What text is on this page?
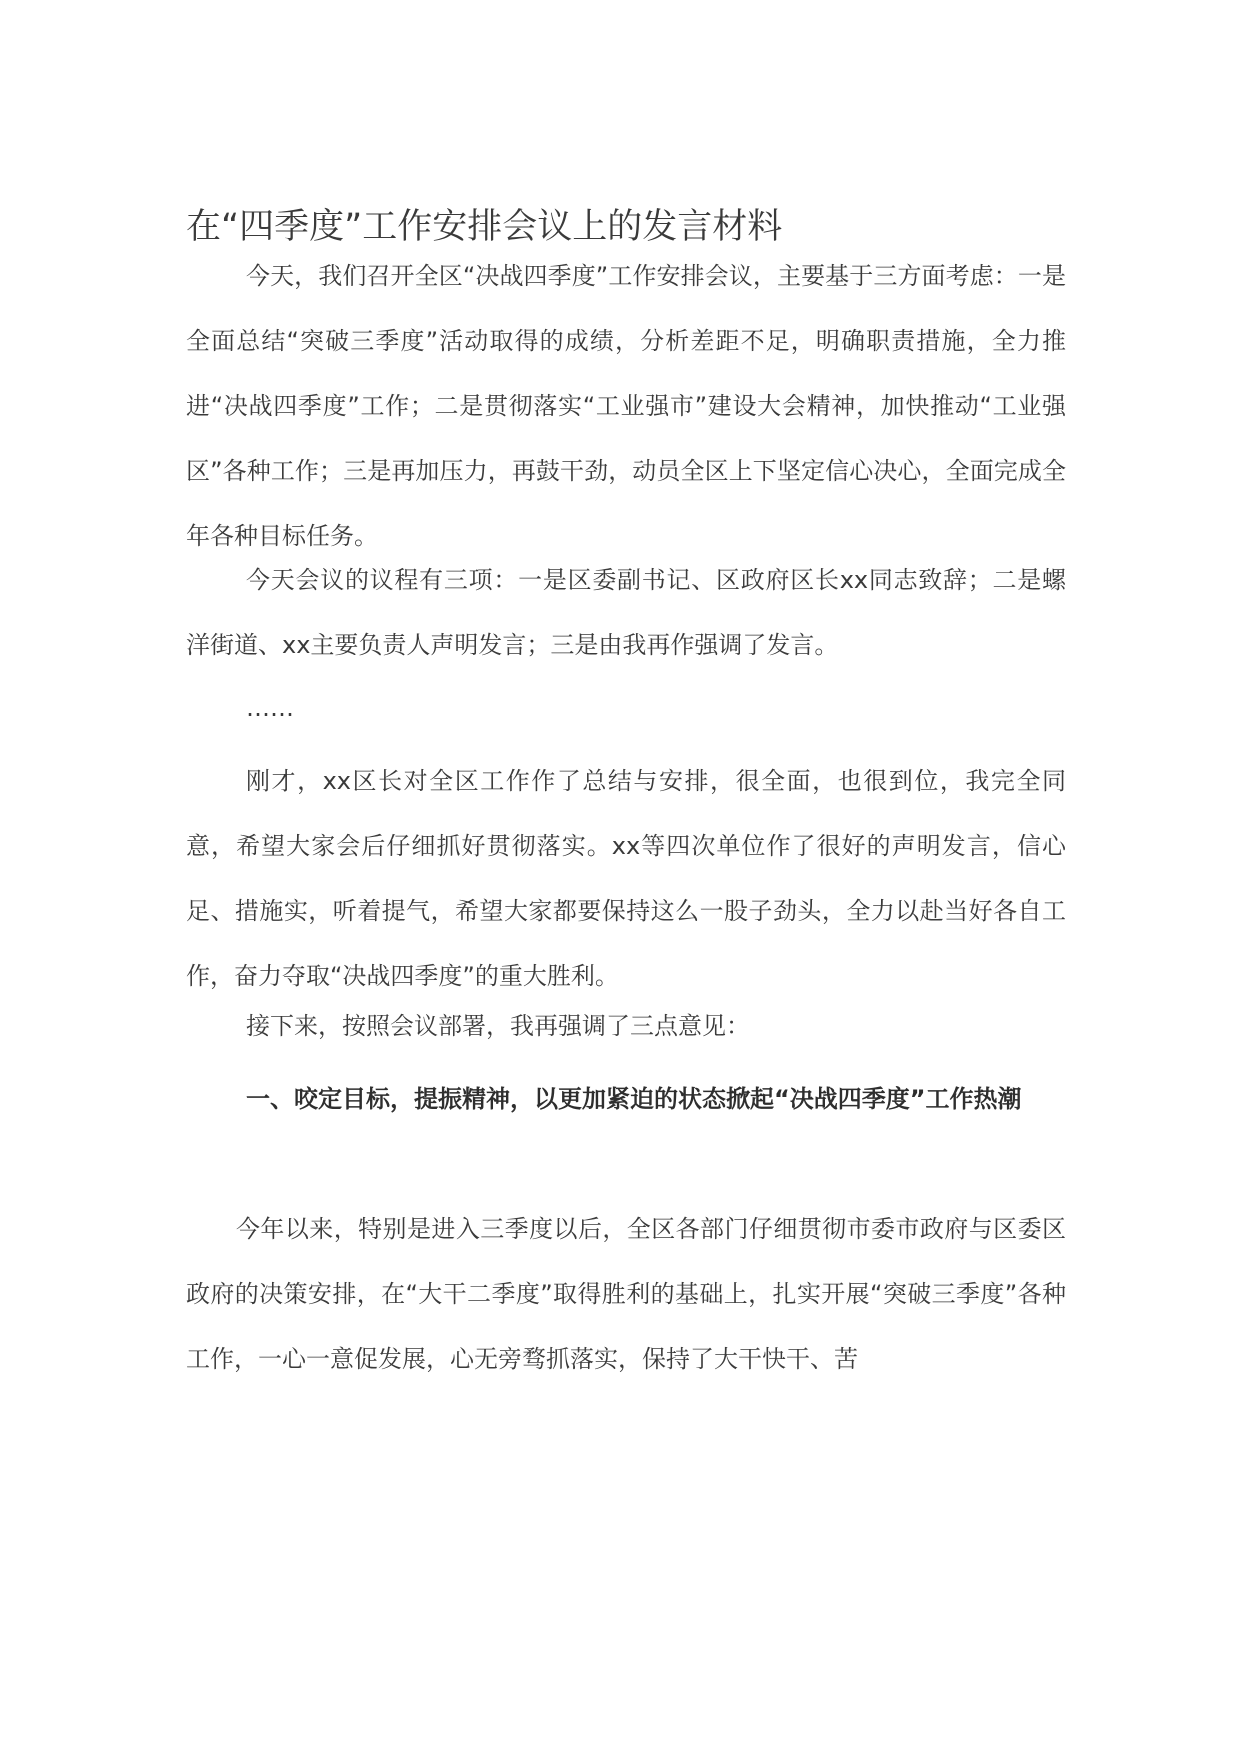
在“四季度”工作安排会议上的发言材料

今天，我们召开全区“决战四季度”工作安排会议，主要基于三方面考虑：一是全面总结“突破三季度”活动取得的成绩，分析差距不足，明确职责措施，全力推进“决战四季度”工作；二是贯彻落实“工业强市”建设大会精神，加快推动“工业强区”各种工作；三是再加压力，再鼓干劲，动员全区上下坚定信心决心，全面完成全年各种目标任务。

今天会议的议程有三项：一是区委副书记、区政府区长xx同志致辞；二是螺洋街道、xx主要负责人声明发言；三是由我再作强调了发言。

……

刚才，xx区长对全区工作作了总结与安排，很全面，也很到位，我完全同意，希望大家会后仔细抓好贯彻落实。xx等四次单位作了很好的声明发言，信心足、措施实，听着提气，希望大家都要保持这么一股子劲头，全力以赴当好各自工作，奋力夺取“决战四季度”的重大胜利。

接下来，按照会议部署，我再强调了三点意见：

一、咬定目标，提振精神，以更加紧迫的状态掀起“决战四季度”工作热潮

今年以来，特别是进入三季度以后，全区各部门仔细贯彻市委市政府与区委区政府的决策安排，在“大干二季度”取得胜利的基础上，扎实开展“突破三季度”各种工作，一心一意促发展，心无旁骛抓落实，保持了大干快干、苦
